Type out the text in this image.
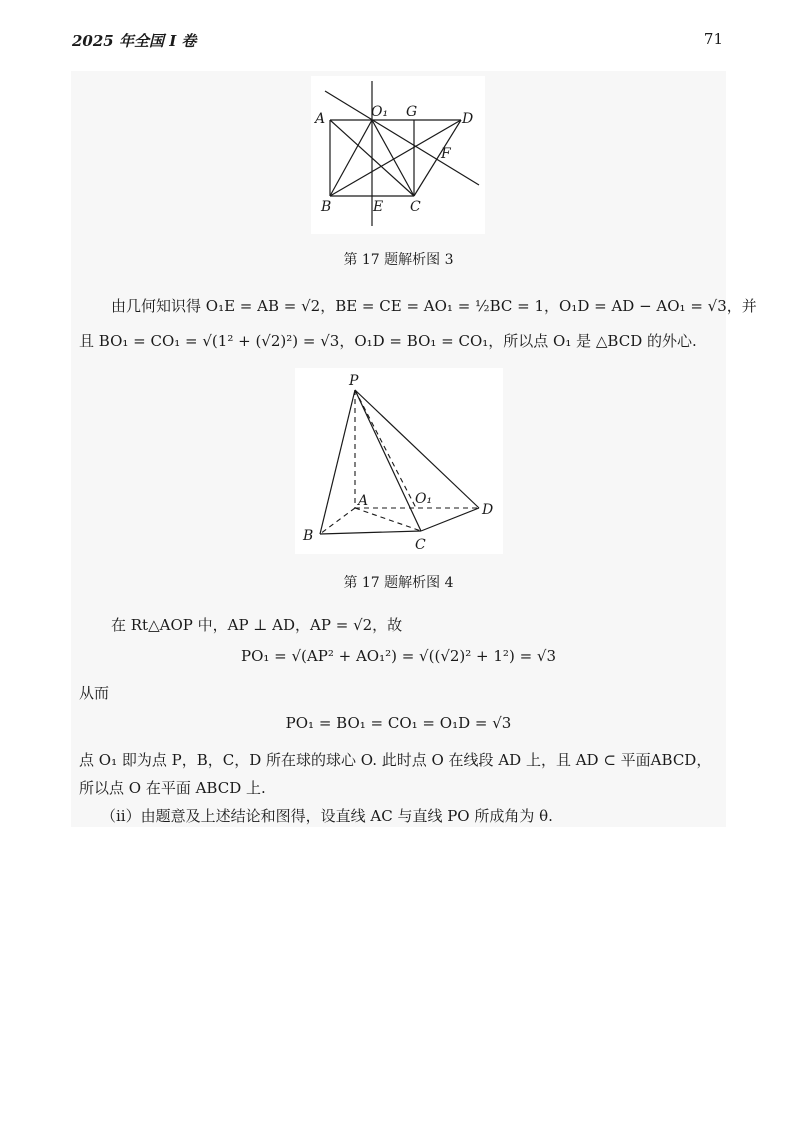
2025 年全国 I 卷	71
A	O₁ G	D
F
B	E C
第 17 题解析图 3
由几何知识得 O₁E = AB = √2，BE = CE = AO₁ = ½BC = 1，O₁D = AD − AO₁ = √3，并
且 BO₁ = CO₁ = √(1² + (√2)²) = √3，O₁D = BO₁ = CO₁，所以点 O₁ 是 △BCD 的外心.
P
A	O₁
D
B
C
第 17 题解析图 4
在 Rt△AOP 中，AP ⊥ AD，AP = √2，故
PO₁ = √(AP² + AO₁²) = √((√2)² + 1²) = √3
从而
PO₁ = BO₁ = CO₁ = O₁D = √3
点 O₁ 即为点 P，B，C，D 所在球的球心 O. 此时点 O 在线段 AD 上，且 AD ⊂ 平面ABCD，
所以点 O 在平面 ABCD 上.
（ii）由题意及上述结论和图得，设直线 AC 与直线 PO 所成角为 θ.
